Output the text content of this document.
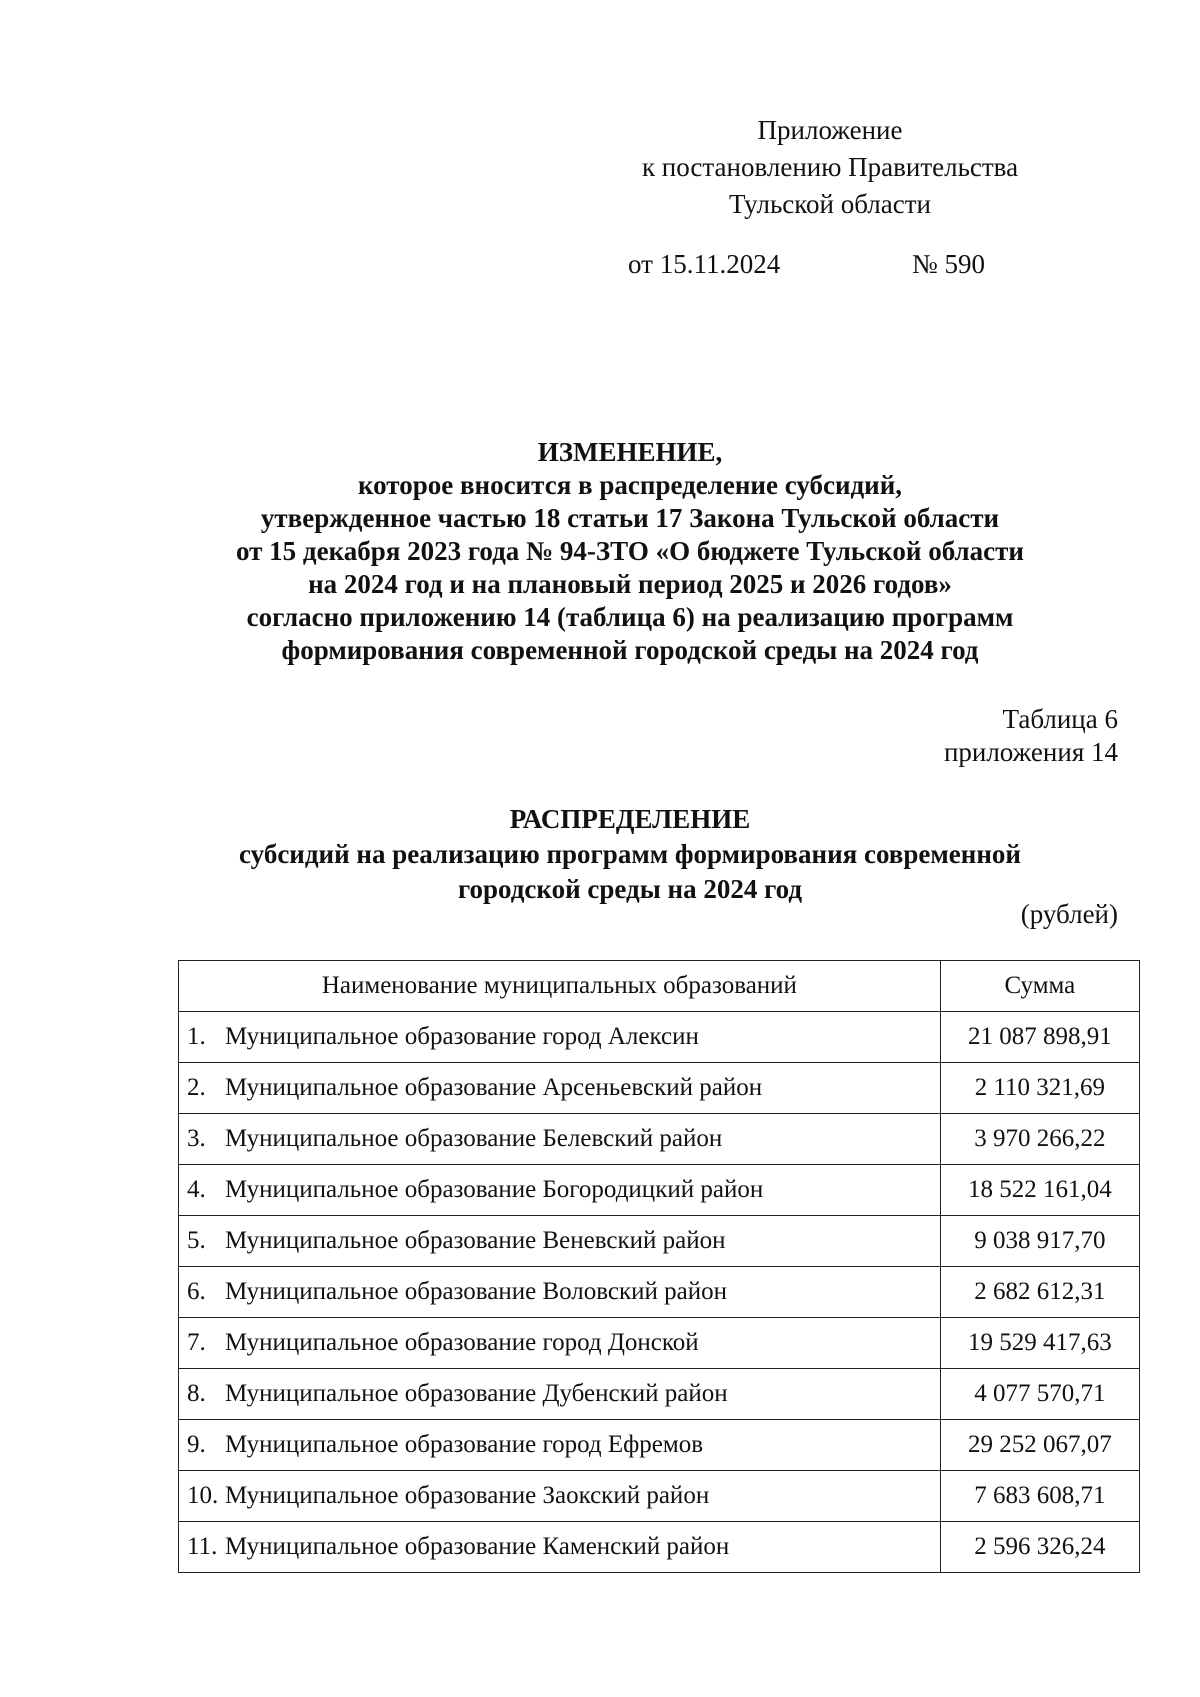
Приложение
к постановлению Правительства
Тульской области
от 15.11.2024	№ 590
ИЗМЕНЕНИЕ,
которое вносится в распределение субсидий,
утвержденное частью 18 статьи 17 Закона Тульской области
от 15 декабря 2023 года № 94-ЗТО «О бюджете Тульской области
на 2024 год и на плановый период 2025 и 2026 годов»
согласно приложению 14 (таблица 6) на реализацию программ
формирования современной городской среды на 2024 год
Таблица 6
приложения 14
РАСПРЕДЕЛЕНИЕ
субсидий на реализацию программ формирования современной
городской среды на 2024 год
(рублей)
Наименование муниципальных образований	Сумма
1. Муниципальное образование город Алексин	21 087 898,91
2. Муниципальное образование Арсеньевский район	2 110 321,69
3. Муниципальное образование Белевский район	3 970 266,22
4. Муниципальное образование Богородицкий район	18 522 161,04
5. Муниципальное образование Веневский район	9 038 917,70
6. Муниципальное образование Воловский район	2 682 612,31
7. Муниципальное образование город Донской	19 529 417,63
8. Муниципальное образование Дубенский район	4 077 570,71
9. Муниципальное образование город Ефремов	29 252 067,07
10. Муниципальное образование Заокский район	7 683 608,71
11. Муниципальное образование Каменский район	2 596 326,24
